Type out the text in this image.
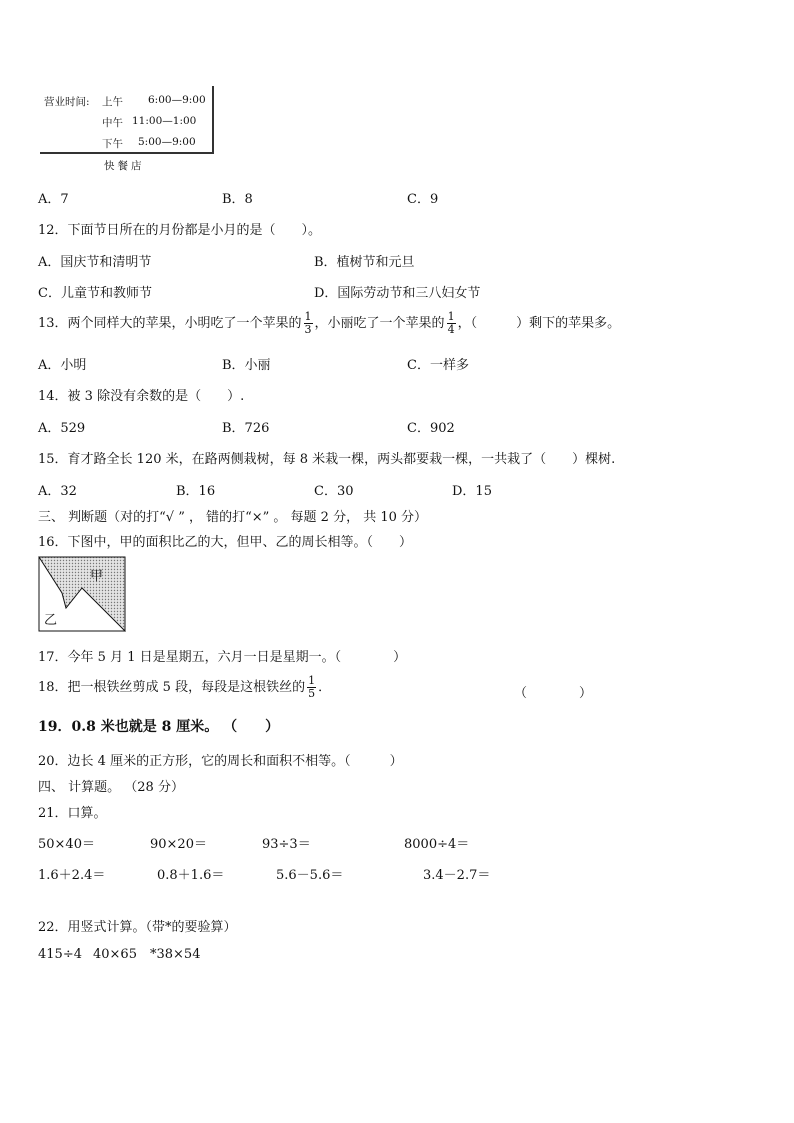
营业时间: 上午 6:00—9:00
中午 11:00—1:00
下午 5:00—9:00
快餐店
A．7	B．8	C．9
12．下面节日所在的月份都是小月的是（　　）。
A．国庆节和清明节	B．植树节和元旦
C．儿童节和教师节	D．国际劳动节和三八妇女节
13．两个同样大的苹果，小明吃了一个苹果的 $\frac{1}{3}$ ，小丽吃了一个苹果的 $\frac{1}{4}$ ，（　　　）剩下的苹果多。
A．小明	B．小丽	C．一样多
14．被 3 除没有余数的是（　　）.
A．529	B．726	C．902
15．育才路全长 120 米，在路两侧栽树，每 8 米栽一棵，两头都要栽一棵，一共栽了（　　）棵树.
A．32	B．16	C．30	D．15
三、 判断题（对的打“√ ” ， 错的打“×” 。 每题 2 分， 共 10 分）
16．下图中，甲的面积比乙的大，但甲、乙的周长相等。（　　）
甲
乙
17．今年 5 月 1 日是星期五，六月一日是星期一。（　　　　）
18．把一根铁丝剪成 5 段，每段是这根铁丝的 $\frac{1}{5}$ ．	（　　　　）
19．0.8 米也就是 8 厘米。 （　　）
20．边长 4 厘米的正方形，它的周长和面积不相等。（　　　）
四、 计算题。 （28 分）
21．口算。
50×40＝	90×20＝	93÷3＝	8000÷4＝
1.6＋2.4＝	0.8＋1.6＝	5.6－5.6＝	3.4－2.7＝
22．用竖式计算。（带*的要验算）
415÷4 40×65 *38×54
